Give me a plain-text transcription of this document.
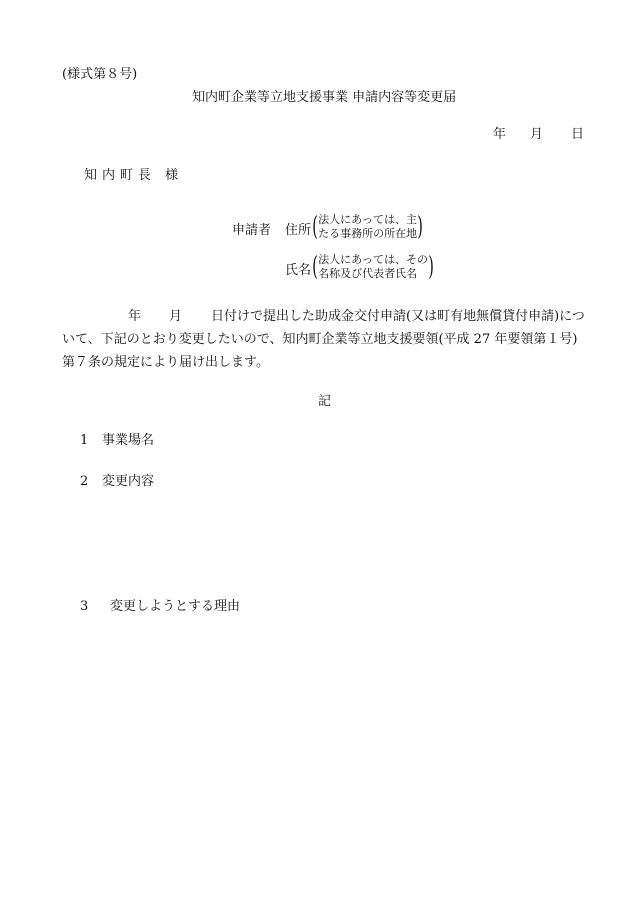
(様式第８号)
知内町企業等立地支援事業 申請内容等変更届
年 月 日
知内町長 様
申請者 住所 ( 法人にあっては、主
たる事務所の所在地 )
氏名 ( 法人にあっては、その
名称及び代表者氏名 )
年 月 日付けで提出した助成金交付申請(又は町有地無償貸付申請)につ
いて、下記のとおり変更したいので、知内町企業等立地支援要領(平成 27 年要領第１号)
第７条の規定により届け出します。
記
1 事業場名
2 変更内容
3 変更しようとする理由
